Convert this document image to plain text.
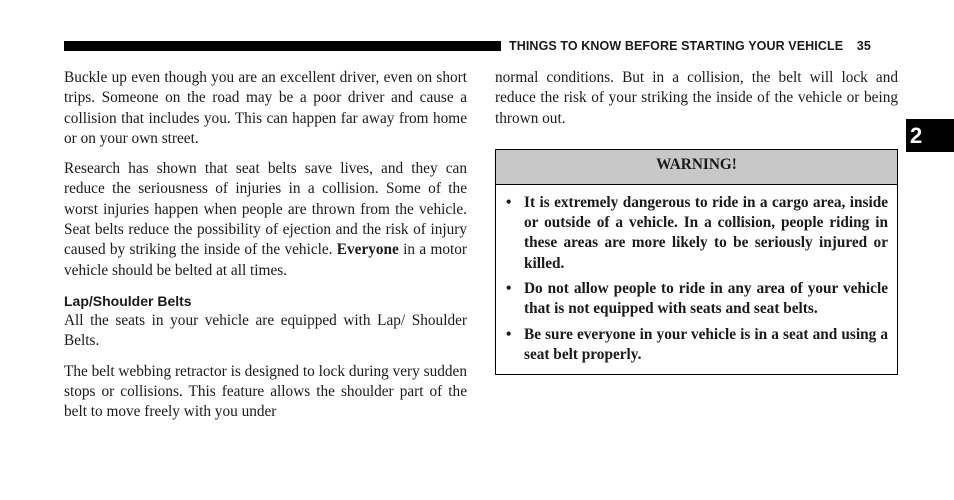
THINGS TO KNOW BEFORE STARTING YOUR VEHICLE 35
2

Buckle up even though you are an excellent driver, even on short trips. Someone on the road may be a poor driver and cause a collision that includes you. This can happen far away from home or on your own street.

Research has shown that seat belts save lives, and they can reduce the seriousness of injuries in a collision. Some of the worst injuries happen when people are thrown from the vehicle. Seat belts reduce the possibility of ejection and the risk of injury caused by striking the inside of the vehicle. Everyone in a motor vehicle should be belted at all times.

Lap/Shoulder Belts

All the seats in your vehicle are equipped with Lap/ Shoulder Belts.

The belt webbing retractor is designed to lock during very sudden stops or collisions. This feature allows the shoulder part of the belt to move freely with you under

normal conditions. But in a collision, the belt will lock and reduce the risk of your striking the inside of the vehicle or being thrown out.

WARNING!
• It is extremely dangerous to ride in a cargo area, inside or outside of a vehicle. In a collision, people riding in these areas are more likely to be seriously injured or killed.
• Do not allow people to ride in any area of your vehicle that is not equipped with seats and seat belts.
• Be sure everyone in your vehicle is in a seat and using a seat belt properly.
